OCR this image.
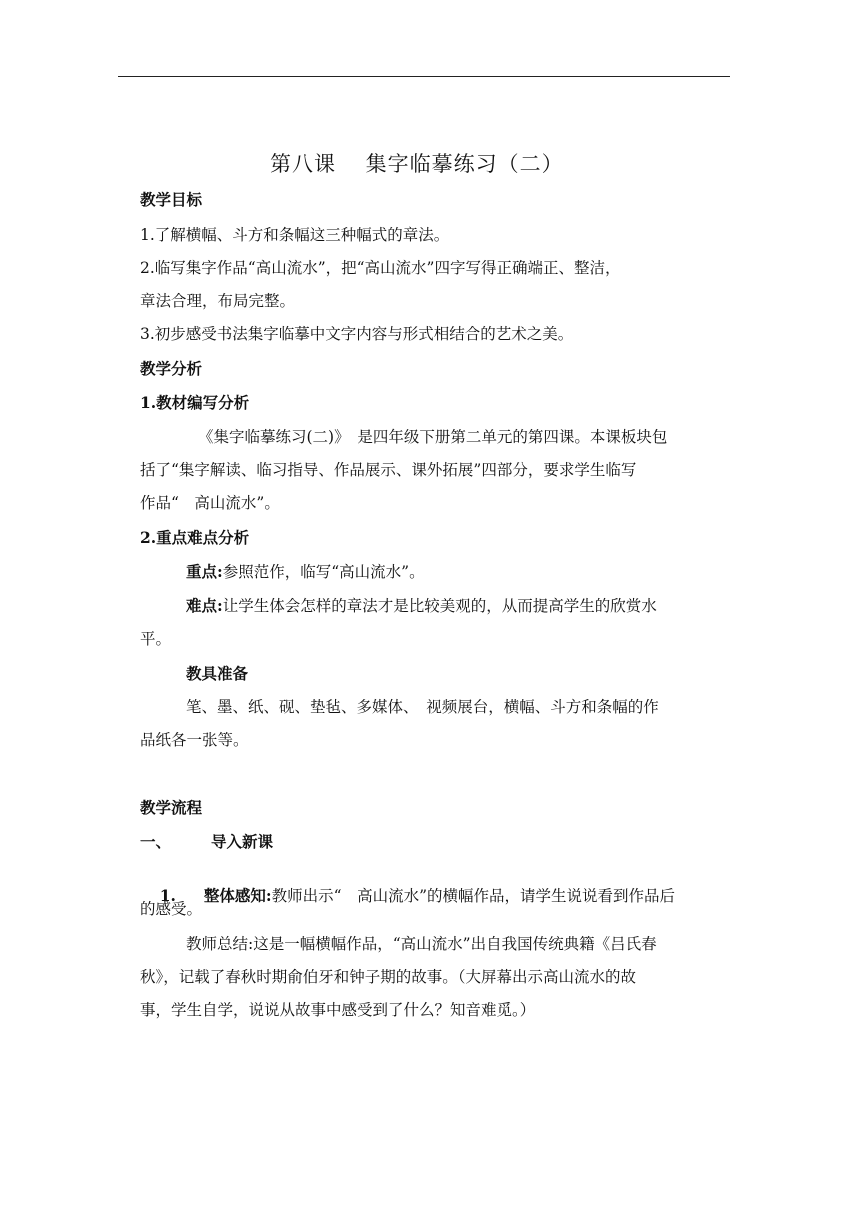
第八课　 集字临摹练习（二）
教学目标
1.了解横幅、斗方和条幅这三种幅式的章法。
2.临写集字作品“高山流水”，把“高山流水”四字写得正确端正、整洁，
章法合理，布局完整。
3.初步感受书法集字临摹中文字内容与形式相结合的艺术之美。
教学分析
1.教材编写分析
《集字临摹练习(二)》　是四年级下册第二单元的第四课。本课板块包
括了“集字解读、临习指导、作品展示、课外拓展”四部分，要求学生临写
作品“　高山流水”。
2.重点难点分析
重点:参照范作，临写“高山流水”。
难点:让学生体会怎样的章法才是比较美观的，从而提高学生的欣赏水
平。
教具准备
笔、墨、纸、砚、垫毡、多媒体、　视频展台，横幅、斗方和条幅的作
品纸各一张等。
教学流程
一、	导入新课

1. 整体感知:教师出示“　高山流水”的横幅作品，请学生说说看到作品后

的感受。
教师总结:这是一幅横幅作品，“高山流水”出自我国传统典籍《吕氏春
秋》，记载了春秋时期俞伯牙和钟子期的故事。（大屏幕出示高山流水的故
事，学生自学，说说从故事中感受到了什么？知音难觅。）
